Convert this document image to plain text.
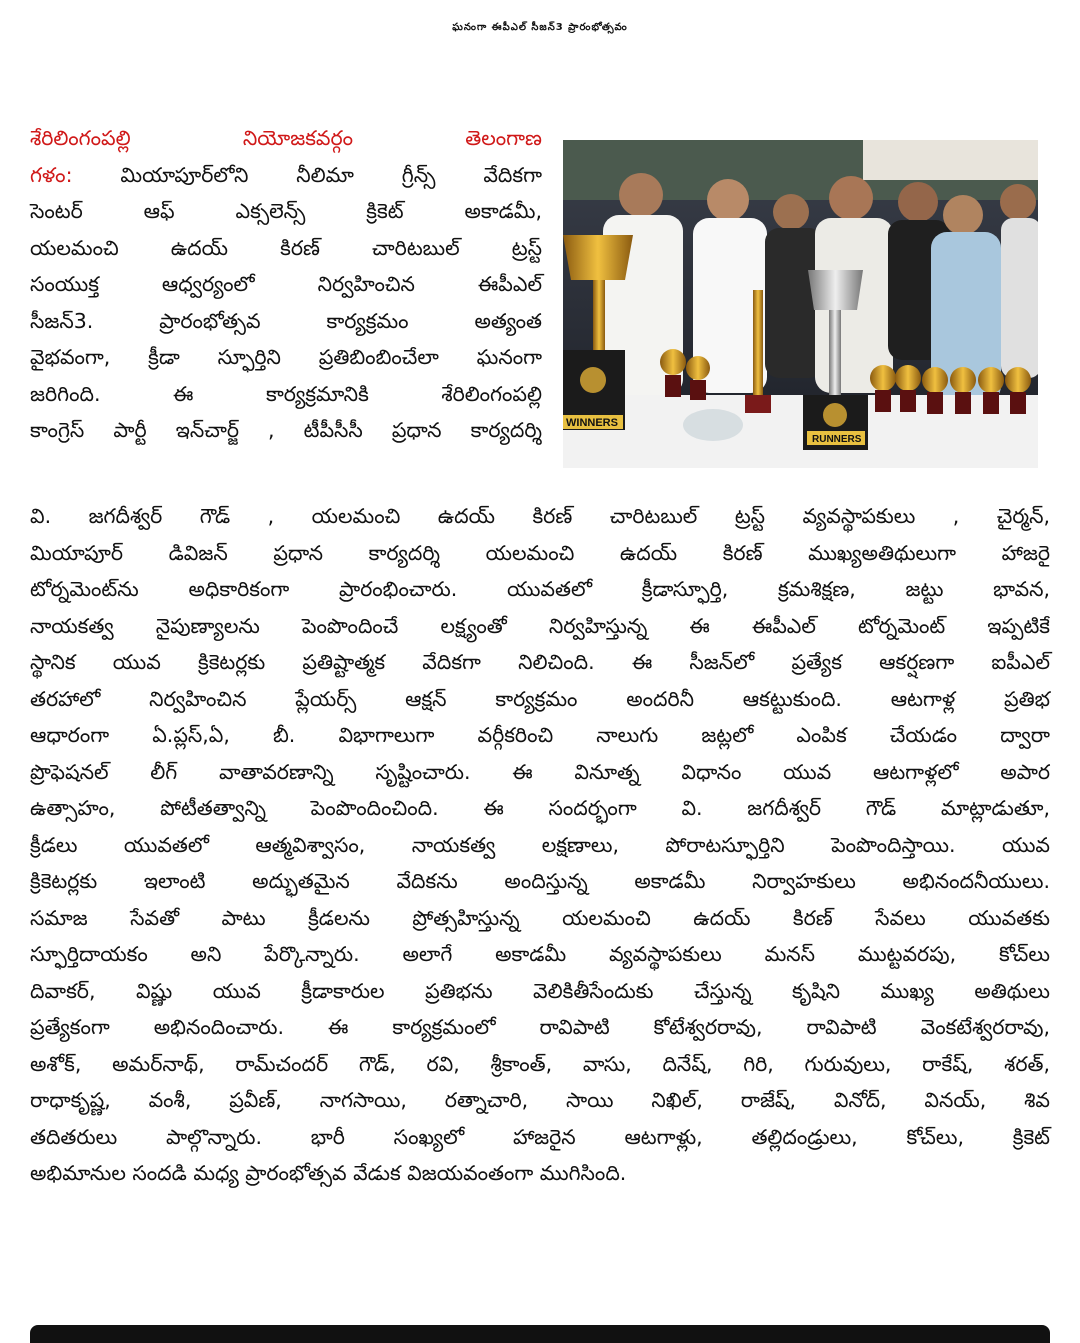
ఘనంగా ఈపీఎల్ సీజన్3 ప్రారంభోత్సవం

శేరిలింగంపల్లి	నియోజకవర్గం	తెలంగాణ

గళం: మియాపూర్‌లోని నీలిమా గ్రీన్స్ వేదికగా

సెంటర్ ఆఫ్ ఎక్సలెన్స్ క్రికెట్ అకాడమీ,

యలమంచి ఉదయ్ కిరణ్ చారిటబుల్ ట్రస్ట్

సంయుక్త ఆధ్వర్యంలో నిర్వహించిన ఈపీఎల్

సీజన్3. ప్రారంభోత్సవ కార్యక్రమం అత్యంత

వైభవంగా, క్రీడా స్ఫూర్తిని ప్రతిబింబించేలా ఘనంగా

జరిగింది. ఈ కార్యక్రమానికి శేరిలింగంపల్లి

కాంగ్రెస్ పార్టీ ఇన్‌చార్జ్ , టీపీసీసీ ప్రధాన కార్యదర్శి WINNERS
RUNNERS

వి. జగదీశ్వర్ గౌడ్ , యలమంచి ఉదయ్ కిరణ్ చారిటబుల్ ట్రస్ట్ వ్యవస్థాపకులు , చైర్మన్,

మియాపూర్ డివిజన్ ప్రధాన కార్యదర్శి యలమంచి ఉదయ్ కిరణ్ ముఖ్యఅతిథులుగా హాజరై

టోర్నమెంట్‌ను అధికారికంగా ప్రారంభించారు. యువతలో క్రీడాస్ఫూర్తి, క్రమశిక్షణ, జట్టు భావన,

నాయకత్వ నైపుణ్యాలను పెంపొందించే లక్ష్యంతో నిర్వహిస్తున్న ఈ ఈపీఎల్ టోర్నమెంట్ ఇప్పటికే

స్థానిక యువ క్రికెటర్లకు ప్రతిష్టాత్మక వేదికగా నిలిచింది. ఈ సీజన్‌లో ప్రత్యేక ఆకర్షణగా ఐపీఎల్

తరహాలో నిర్వహించిన ప్లేయర్స్ ఆక్షన్ కార్యక్రమం అందరినీ ఆకట్టుకుంది. ఆటగాళ్ల ప్రతిభ

ఆధారంగా ఏ.ప్లస్,ఏ, బీ. విభాగాలుగా వర్గీకరించి నాలుగు జట్లలో ఎంపిక చేయడం ద్వారా

ప్రొఫెషనల్ లీగ్ వాతావరణాన్ని సృష్టించారు. ఈ వినూత్న విధానం యువ ఆటగాళ్లలో అపార

ఉత్సాహం, పోటీతత్వాన్ని పెంపొందించింది. ఈ సందర్భంగా వి. జగదీశ్వర్ గౌడ్ మాట్లాడుతూ,

క్రీడలు యువతలో ఆత్మవిశ్వాసం, నాయకత్వ లక్షణాలు, పోరాటస్ఫూర్తిని పెంపొందిస్తాయి. యువ

క్రికెటర్లకు ఇలాంటి అద్భుతమైన వేదికను అందిస్తున్న అకాడమీ నిర్వాహకులు అభినందనీయులు.

సమాజ సేవతో పాటు క్రీడలను ప్రోత్సహిస్తున్న యలమంచి ఉదయ్ కిరణ్ సేవలు యువతకు

స్ఫూర్తిదాయకం అని పేర్కొన్నారు. అలాగే అకాడమీ వ్యవస్థాపకులు మనస్ ముట్టవరపు, కోచ్‌లు

దివాకర్, విష్ణు యువ క్రీడాకారుల ప్రతిభను వెలికితీసేందుకు చేస్తున్న కృషిని ముఖ్య అతిథులు

ప్రత్యేకంగా అభినందించారు. ఈ కార్యక్రమంలో రావిపాటి కోటేశ్వరరావు, రావిపాటి వెంకటేశ్వరరావు,

అశోక్, అమర్‌నాథ్, రామ్‌చందర్ గౌడ్, రవి, శ్రీకాంత్, వాసు, దినేష్, గిరి, గురువులు, రాకేష్, శరత్,

రాధాకృష్ణ, వంశీ, ప్రవీణ్, నాగసాయి, రత్నాచారి, సాయి నిఖిల్, రాజేష్, వినోద్, వినయ్, శివ

తదితరులు పాల్గొన్నారు. భారీ సంఖ్యలో హాజరైన ఆటగాళ్లు, తల్లిదండ్రులు, కోచ్‌లు, క్రికెట్

అభిమానుల సందడి మధ్య ప్రారంభోత్సవ వేడుక విజయవంతంగా ముగిసింది.
